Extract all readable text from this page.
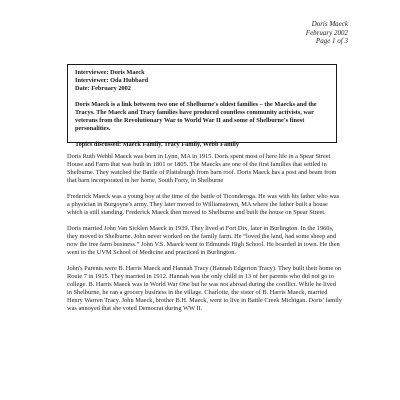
Doris Maeck
February 2002
Page 1 of 3
Interviewee: Doris Maeck
Interviewer: Oda Hubbard
Date: February 2002
Doris Maeck is a link between two one of Shelburne's oldest families – the Maecks and the Tracys. The Maeck and Tracy families have produced countless community activists, war veterans from the Revolutionary War to World War II and some of Shelburne's finest personalities.
Topics discussed: Maeck Family, Tracy Family, Webb Family

Doris Ruth Webbl Maeck was born in Lynn, MA in 1915. Doris spent most of here life in a Spear Street House and Farm that was built in 1801 or 1805. The Maecks are one of the first families that settled in Shelburne. They watched the Battle of Plattsburgh from barn roof. Doris Maeck has a post and beam from that barn incorporated in her home, South Forty, in Shelburne

Frederick Maeck was a young boy at the time of the battle of Ticonderoga. He was with his father who was a physician in Burgoyne's army. They later moved to Williamstown, MA where the father built a house which is still standing. Frederick Maeck then moved to Shelburne and built the house on Spear Street.

Doris married John Van Sicklen Maeck in 1939. They lived at Fort Dix, later in Burlington. In the 1960s, they moved to Shelburne. John never worked on the family farm. He “loved the land, had some sheep and now the tree farm business.” John V.S. Maeck went to Edmunds High School. He boarded in town. He then went to the UVM School of Medicine and practiced in Burlington.

John's Parents were B. Harris Maeck and Hannah Tracy (Hannah Edgerton Tracy). They built their home on Route 7 in 1915. They married in 1912. Hannah was the only child in 13 of her parents who did not go to college. B. Harris Maeck was in World War One but he was not abroad during the conflict. While he lived in Shelburne, he ran a grocery business in the village. Charlotte, the sister of B. Harris Maeck, married Henry Warren Tracy. John Maeck, brother B.H. Maeck, went to live in Battle Creek Michigan. Doris' family was annoyed that she voted Democrat during WW II.
